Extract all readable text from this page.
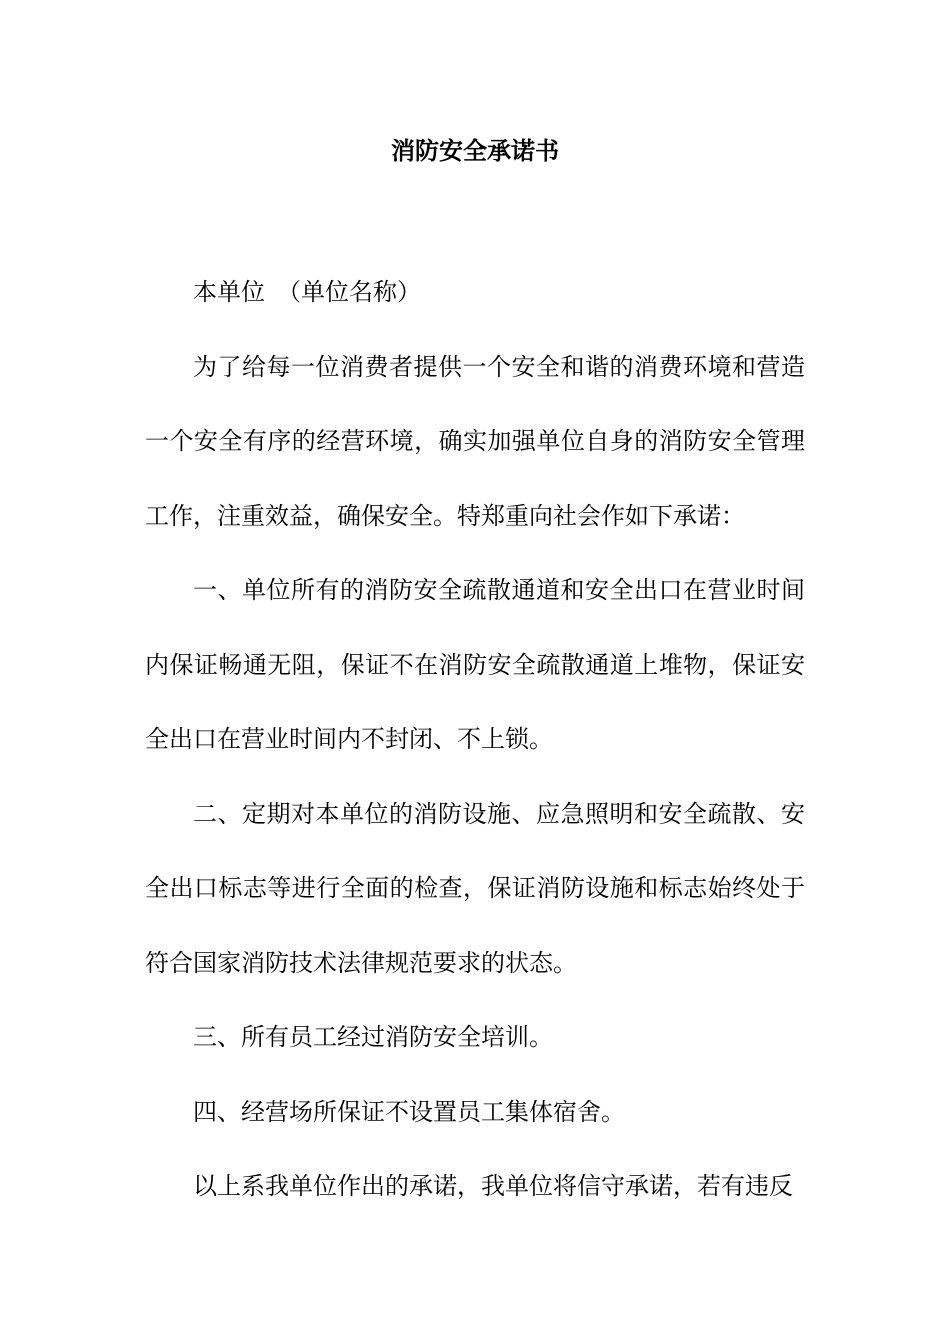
消防安全承诺书

本单位　（单位名称）

为了给每一位消费者提供一个安全和谐的消费环境和营造一个安全有序的经营环境，确实加强单位自身的消防安全管理工作，注重效益，确保安全。特郑重向社会作如下承诺：

一、单位所有的消防安全疏散通道和安全出口在营业时间内保证畅通无阻，保证不在消防安全疏散通道上堆物，保证安全出口在营业时间内不封闭、不上锁。

二、定期对本单位的消防设施、应急照明和安全疏散、安全出口标志等进行全面的检查，保证消防设施和标志始终处于符合国家消防技术法律规范要求的状态。

三、所有员工经过消防安全培训。

四、经营场所保证不设置员工集体宿舍。

以上系我单位作出的承诺，我单位将信守承诺，若有违反
